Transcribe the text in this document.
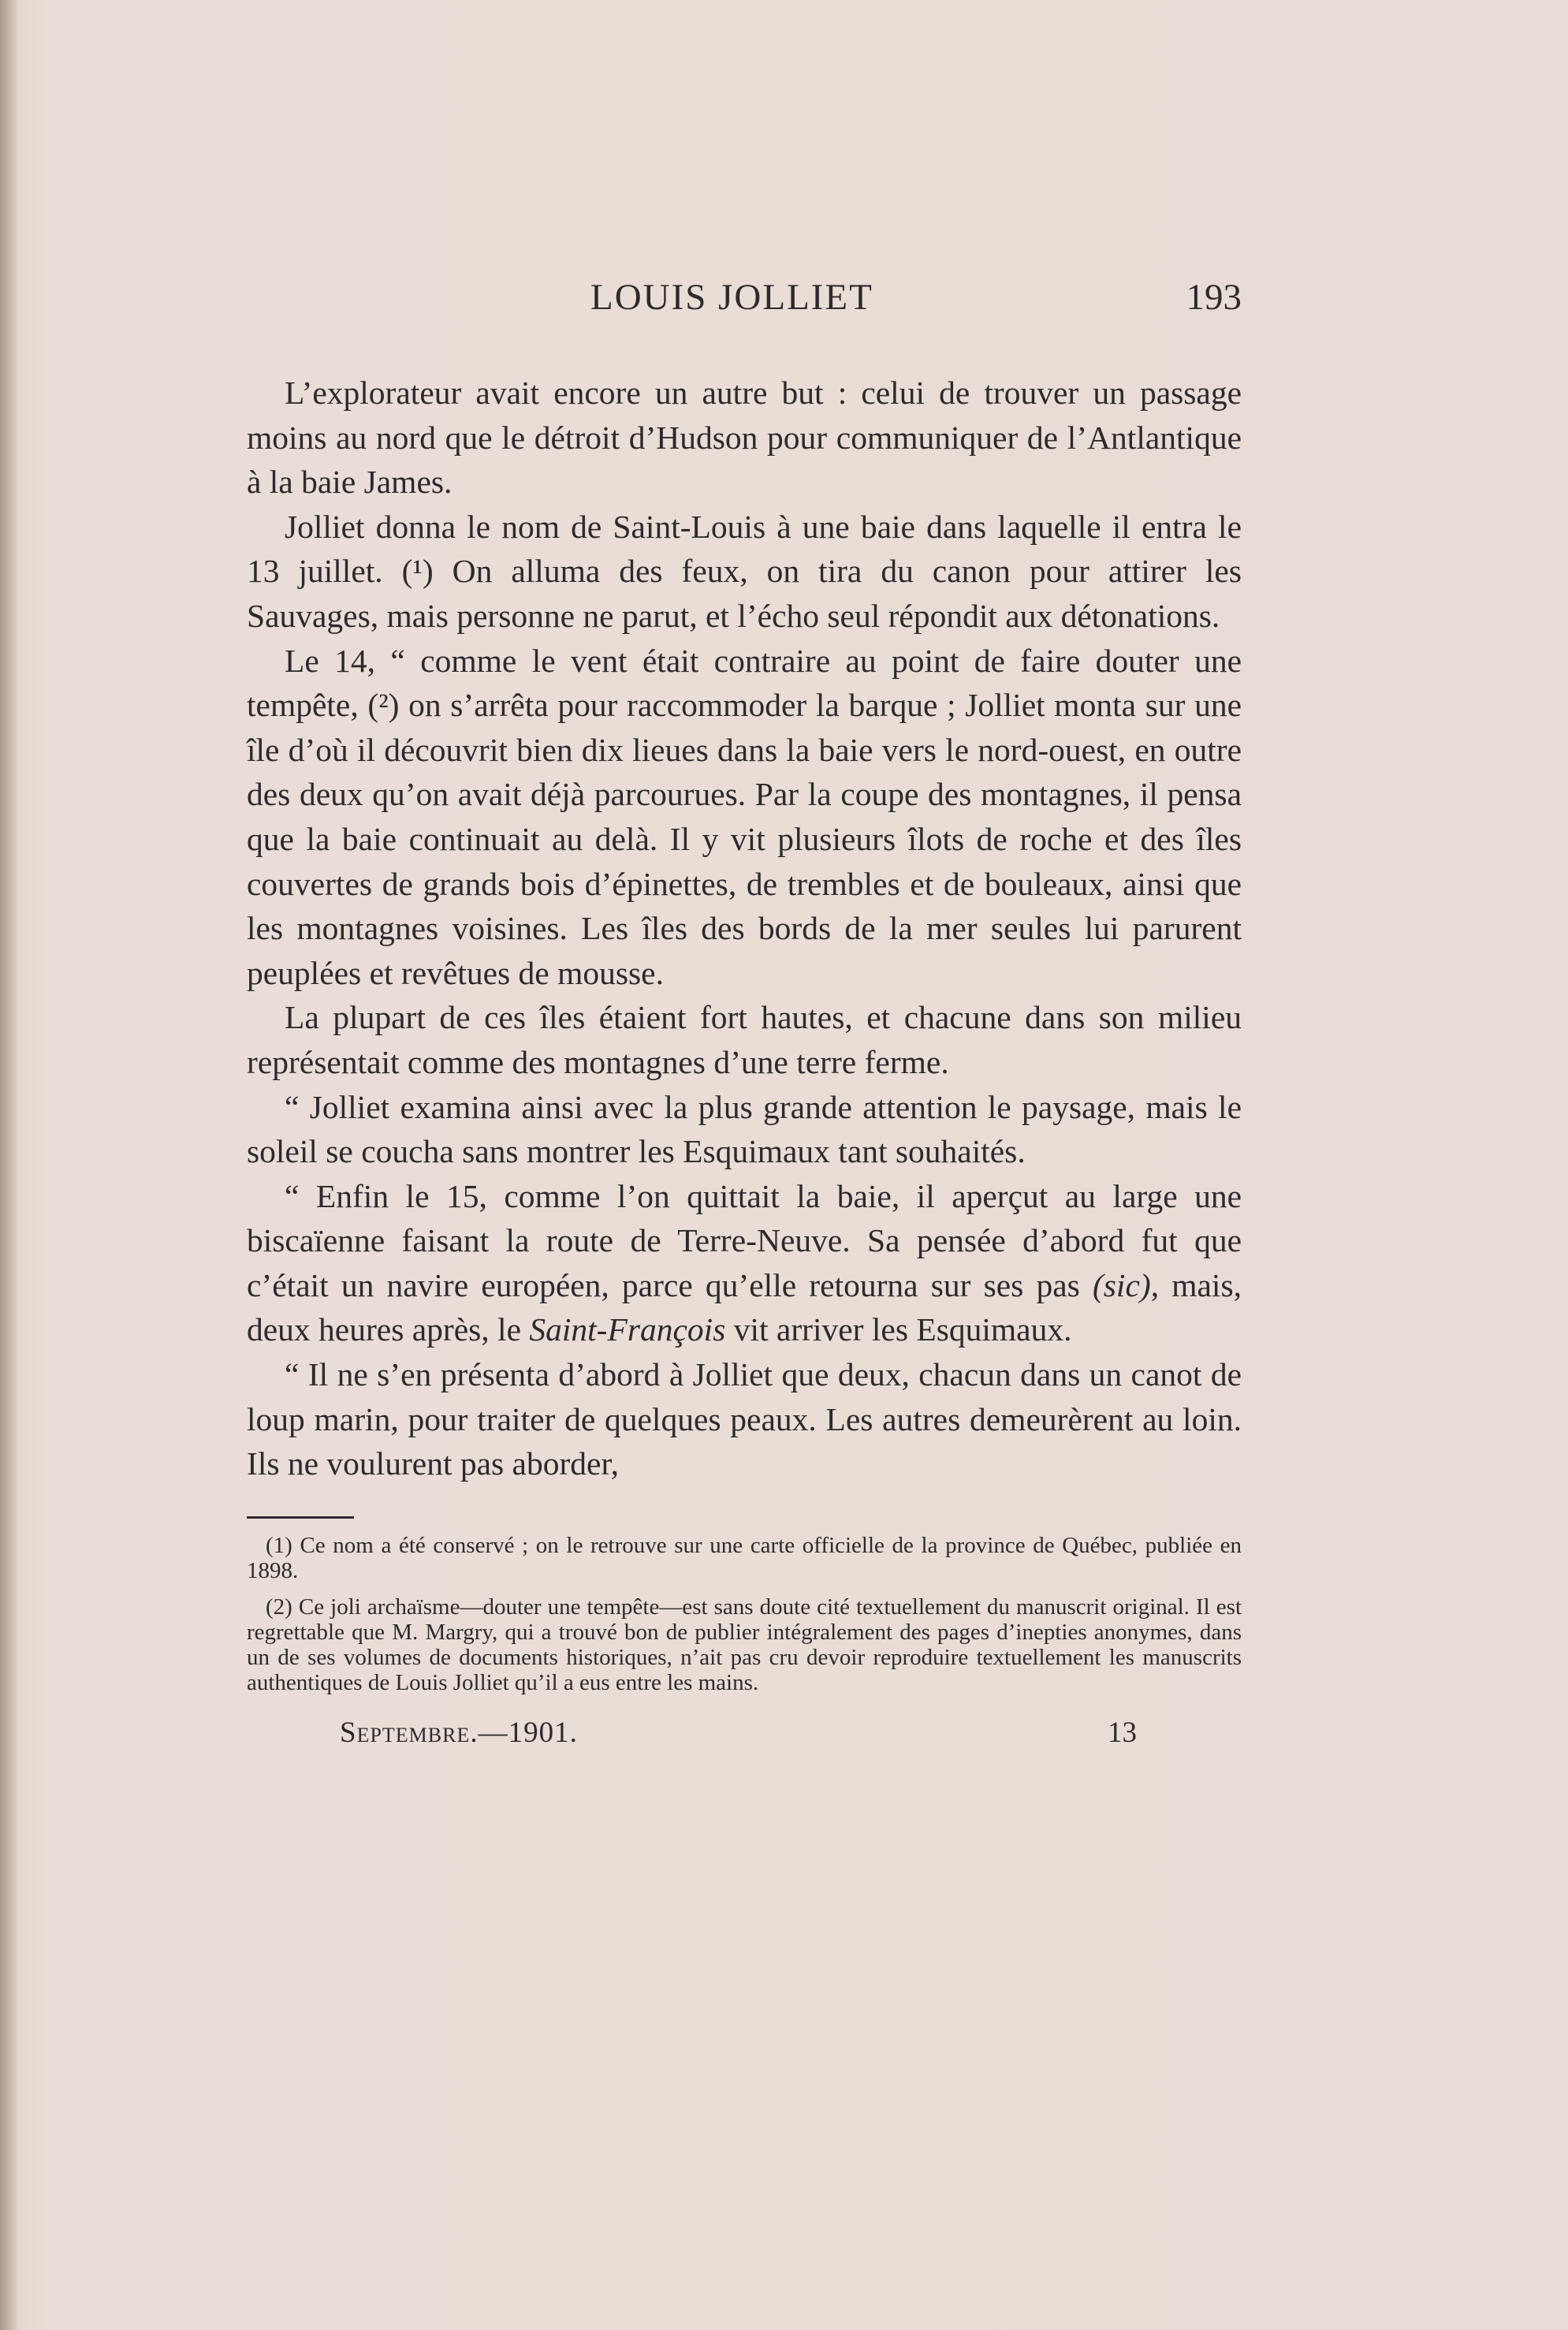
LOUIS JOLLIET	193

L’explorateur avait encore un autre but : celui de trouver un passage moins au nord que le détroit d’Hudson pour communiquer de l’Antlantique à la baie James.

Jolliet donna le nom de Saint-Louis à une baie dans laquelle il entra le 13 juillet. (¹) On alluma des feux, on tira du canon pour attirer les Sauvages, mais personne ne parut, et l’écho seul répondit aux détonations.

Le 14, “ comme le vent était contraire au point de faire douter une tempête, (²) on s’arrêta pour raccommoder la barque ; Jolliet monta sur une île d’où il découvrit bien dix lieues dans la baie vers le nord-ouest, en outre des deux qu’on avait déjà parcourues. Par la coupe des montagnes, il pensa que la baie continuait au delà. Il y vit plusieurs îlots de roche et des îles couvertes de grands bois d’épinettes, de trembles et de bouleaux, ainsi que les montagnes voisines. Les îles des bords de la mer seules lui parurent peuplées et revêtues de mousse.

La plupart de ces îles étaient fort hautes, et chacune dans son milieu représentait comme des montagnes d’une terre ferme.

“ Jolliet examina ainsi avec la plus grande attention le paysage, mais le soleil se coucha sans montrer les Esquimaux tant souhaités.

“ Enfin le 15, comme l’on quittait la baie, il aperçut au large une biscaïenne faisant la route de Terre-Neuve. Sa pensée d’abord fut que c’était un navire européen, parce qu’elle retourna sur ses pas (sic), mais, deux heures après, le Saint-François vit arriver les Esquimaux.

“ Il ne s’en présenta d’abord à Jolliet que deux, chacun dans un canot de loup marin, pour traiter de quelques peaux. Les autres demeurèrent au loin. Ils ne voulurent pas aborder,

(1) Ce nom a été conservé ; on le retrouve sur une carte officielle de la province de Québec, publiée en 1898.

(2) Ce joli archaïsme—douter une tempête—est sans doute cité textuellement du manuscrit original. Il est regrettable que M. Margry, qui a trouvé bon de publier intégralement des pages d’inepties anonymes, dans un de ses volumes de documents historiques, n’ait pas cru devoir reproduire textuellement les manuscrits authentiques de Louis Jolliet qu’il a eus entre les mains.

Septembre.—1901.	13
